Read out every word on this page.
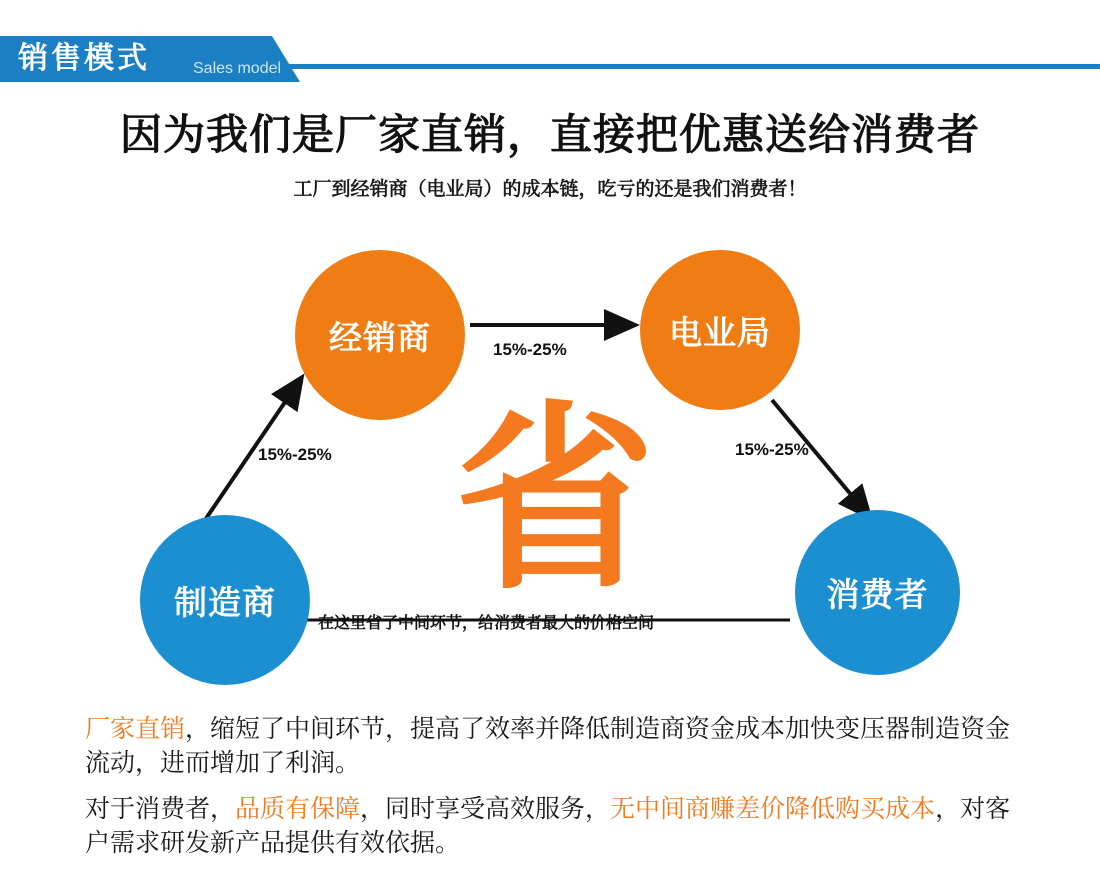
销售模式	Sales model
因为我们是厂家直销，直接把优惠送给消费者
工厂到经销商（电业局）的成本链，吃亏的还是我们消费者！
经销商	电业局
制造商	消费者
省
15%-25%
15%-25%	15%-25%
在这里省了中间环节，给消费者最大的价格空间

厂家直销，缩短了中间环节，提高了效率并降低制造商资金成本加快变压器制造资金流动，进而增加了利润。

对于消费者，品质有保障，同时享受高效服务，无中间商赚差价降低购买成本，对客户需求研发新产品提供有效依据。
